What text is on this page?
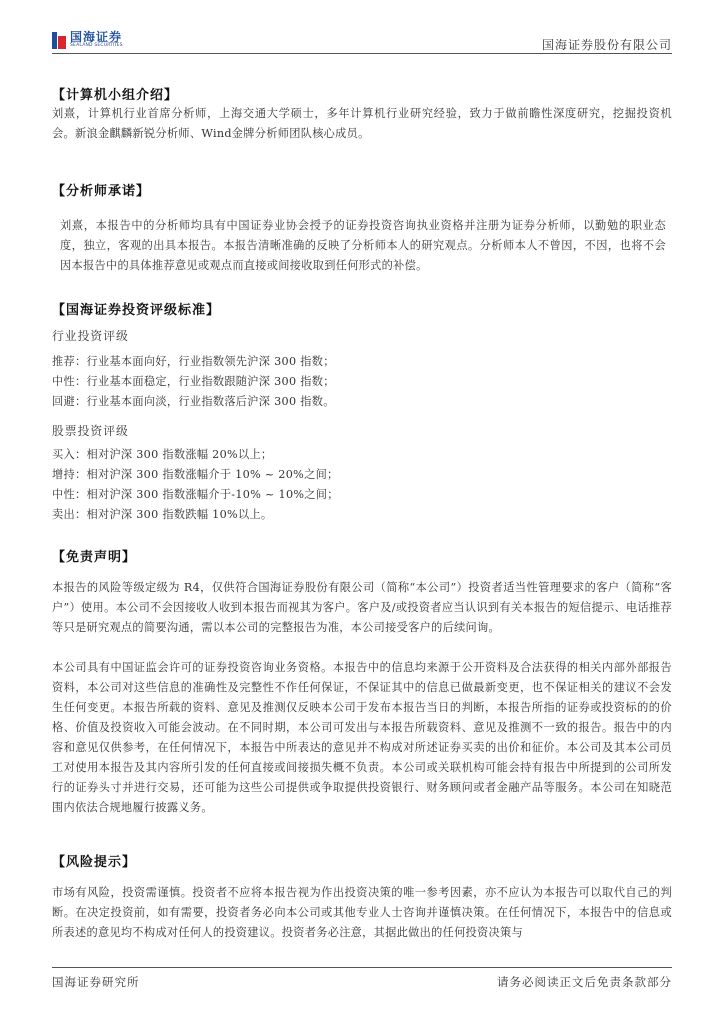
国海证券
SEALAND SECURITIES	国海证券股份有限公司
【计算机小组介绍】
刘熹，计算机行业首席分析师，上海交通大学硕士，多年计算机行业研究经验，致力于做前瞻性深度研究，挖掘投资机会。新浪金麒麟新锐分析师、Wind金牌分析师团队核心成员。
【分析师承诺】
刘熹，本报告中的分析师均具有中国证券业协会授予的证券投资咨询执业资格并注册为证券分析师，以勤勉的职业态度，独立，客观的出具本报告。本报告清晰准确的反映了分析师本人的研究观点。分析师本人不曾因，不因，也将不会因本报告中的具体推荐意见或观点而直接或间接收取到任何形式的补偿。
【国海证券投资评级标准】
行业投资评级
推荐：行业基本面向好，行业指数领先沪深 300 指数；
中性：行业基本面稳定，行业指数跟随沪深 300 指数；
回避：行业基本面向淡，行业指数落后沪深 300 指数。
股票投资评级
买入：相对沪深 300 指数涨幅 20%以上；
增持：相对沪深 300 指数涨幅介于 10% ~ 20%之间；
中性：相对沪深 300 指数涨幅介于-10% ~ 10%之间；
卖出：相对沪深 300 指数跌幅 10%以上。
【免责声明】
本报告的风险等级定级为 R4，仅供符合国海证券股份有限公司（简称“本公司”）投资者适当性管理要求的客户（简称“客户”）使用。本公司不会因接收人收到本报告而视其为客户。客户及/或投资者应当认识到有关本报告的短信提示、电话推荐等只是研究观点的简要沟通，需以本公司的完整报告为准，本公司接受客户的后续问询。
本公司具有中国证监会许可的证券投资咨询业务资格。本报告中的信息均来源于公开资料及合法获得的相关内部外部报告资料，本公司对这些信息的准确性及完整性不作任何保证，不保证其中的信息已做最新变更，也不保证相关的建议不会发生任何变更。本报告所载的资料、意见及推测仅反映本公司于发布本报告当日的判断，本报告所指的证券或投资标的的价格、价值及投资收入可能会波动。在不同时期，本公司可发出与本报告所载资料、意见及推测不一致的报告。报告中的内容和意见仅供参考，在任何情况下，本报告中所表达的意见并不构成对所述证券买卖的出价和征价。本公司及其本公司员工对使用本报告及其内容所引发的任何直接或间接损失概不负责。本公司或关联机构可能会持有报告中所提到的公司所发行的证券头寸并进行交易，还可能为这些公司提供或争取提供投资银行、财务顾问或者金融产品等服务。本公司在知晓范围内依法合规地履行披露义务。
【风险提示】
市场有风险，投资需谨慎。投资者不应将本报告视为作出投资决策的唯一参考因素，亦不应认为本报告可以取代自己的判断。在决定投资前，如有需要，投资者务必向本公司或其他专业人士咨询并谨慎决策。在任何情况下，本报告中的信息或所表述的意见均不构成对任何人的投资建议。投资者务必注意，其据此做出的任何投资决策与
国海证券研究所	请务必阅读正文后免责条款部分
